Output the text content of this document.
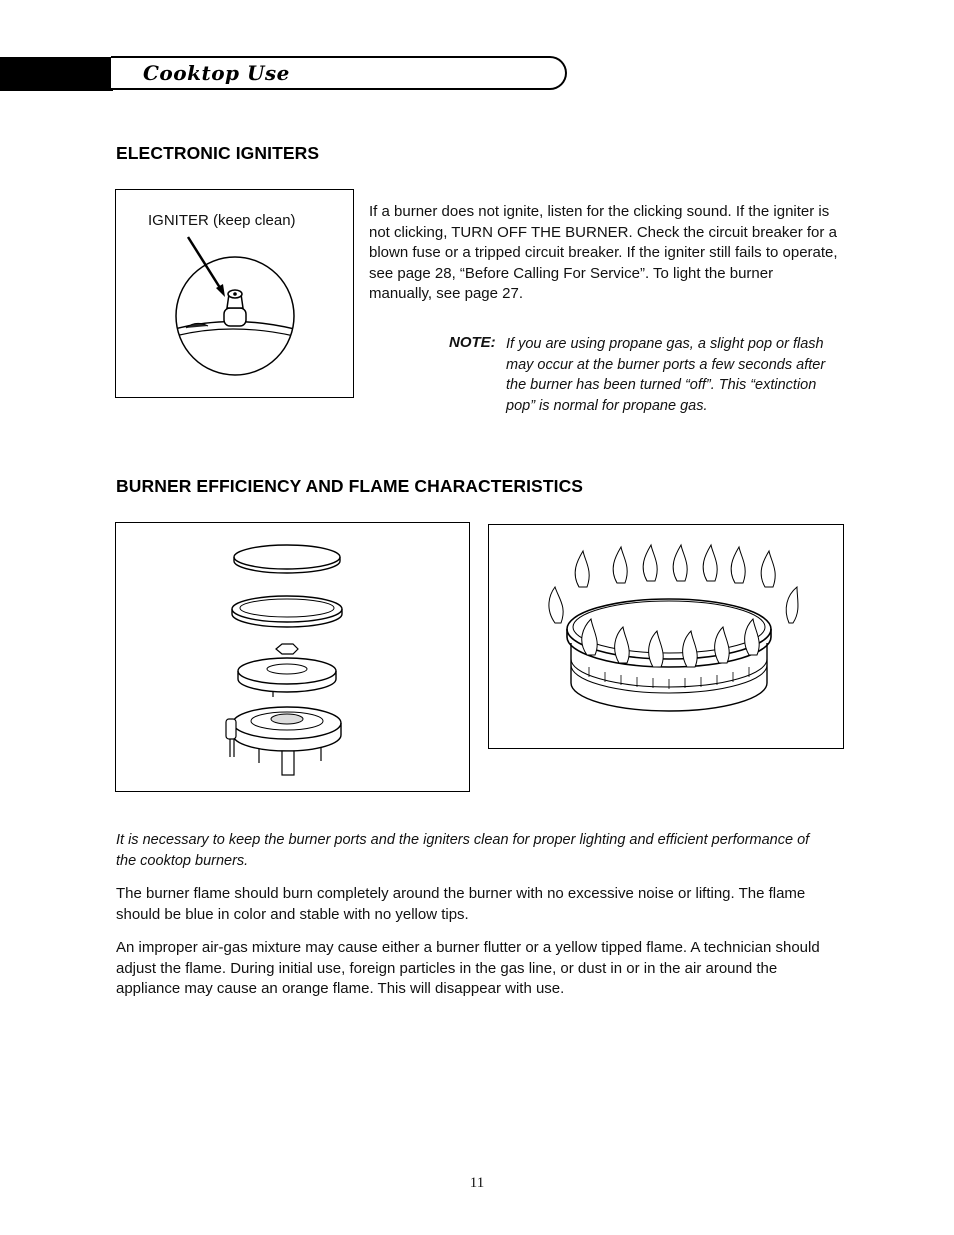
Cooktop Use
ELECTRONIC IGNITERS
IGNITER (keep clean)
If a burner does not ignite, listen for the clicking sound. If the igniter is not clicking, TURN OFF THE BURNER. Check the circuit breaker for a blown fuse or a tripped circuit breaker. If the igniter still fails to operate, see page 28, “Before Calling For Service”. To light the burner manually, see page 27.
NOTE: If you are using propane gas, a slight pop or flash may occur at the burner ports a few seconds after the burner has been turned “off”. This “extinction pop” is normal for propane gas.
BURNER EFFICIENCY AND FLAME CHARACTERISTICS
It is necessary to keep the burner ports and the igniters clean for proper lighting and efficient performance of the cooktop burners.
The burner flame should burn completely around the burner with no excessive noise or lifting. The flame should be blue in color and stable with no yellow tips.
An improper air-gas mixture may cause either a burner flutter or a yellow tipped flame. A technician should adjust the flame. During initial use, foreign particles in the gas line, or dust in or in the air around the appliance may cause an orange flame. This will disappear with use.
11
